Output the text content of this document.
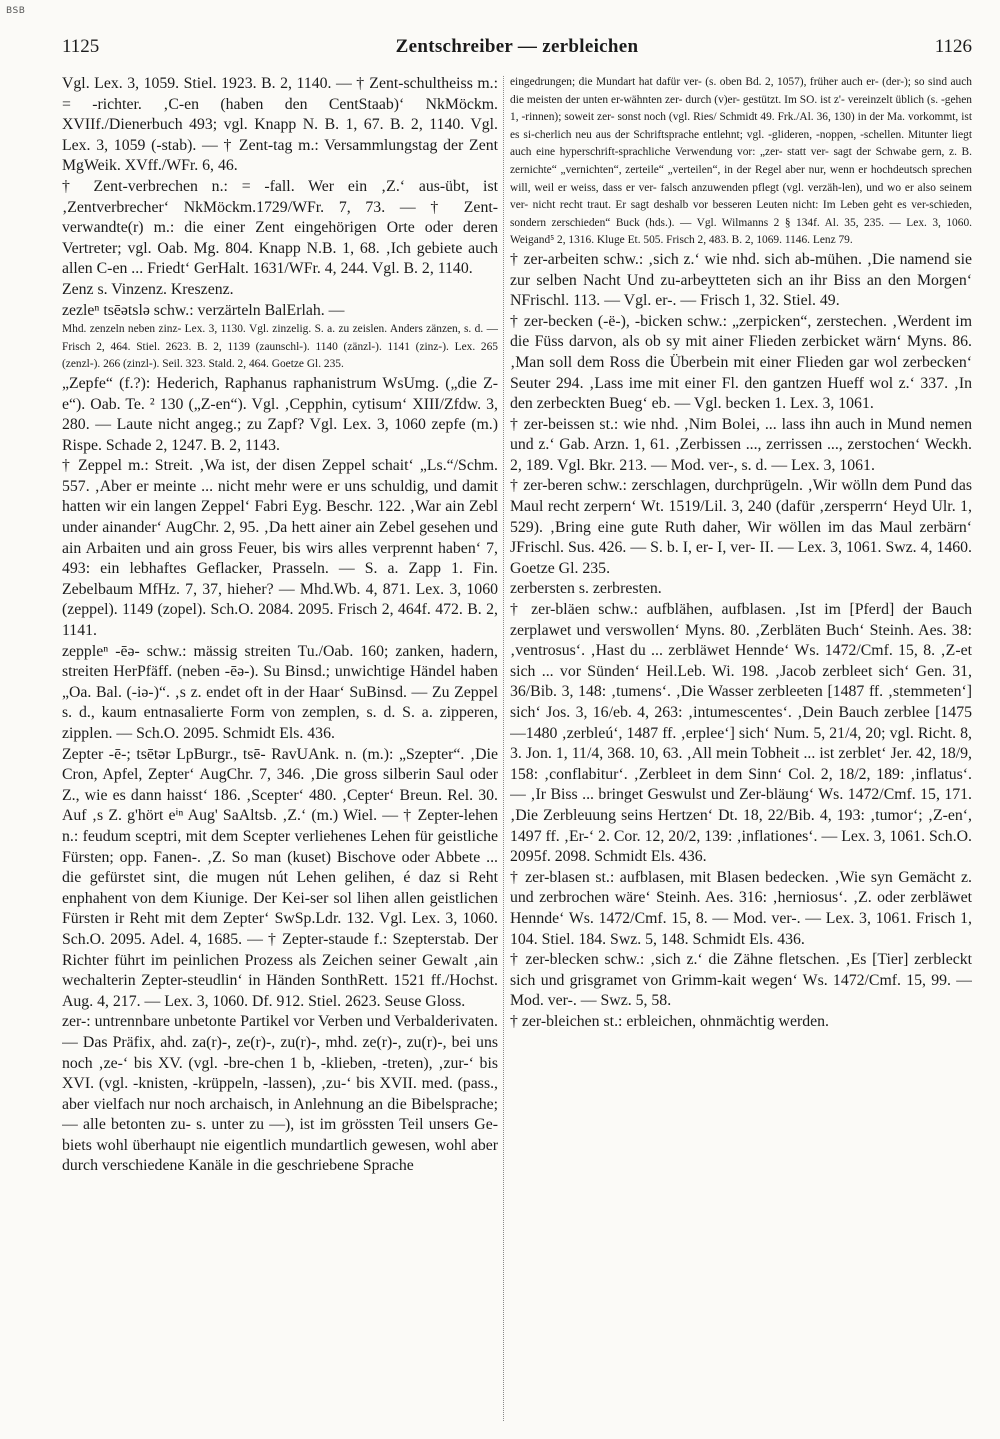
BSB
1125	Zentschreiber — zerbleichen	1126

Vgl. Lex. 3, 1059. Stiel. 1923. B. 2, 1140. — † Zent-schultheiss m.: = -richter. ‚C-en (haben den CentStaab)‘ NkMöckm. XVIIf./Dienerbuch 493; vgl. Knapp N. B. 1, 67. B. 2, 1140. Vgl. Lex. 3, 1059 (-stab). — † Zent-tag m.: Versammlungstag der Zent MgWeik. XVff./WFr. 6, 46.

† Zent-verbrechen n.: = -fall. Wer ein ‚Z.‘ aus-übt, ist ‚Zentverbrecher‘ NkMöckm.1729/WFr. 7, 73. — † Zent-verwandte(r) m.: die einer Zent eingehörigen Orte oder deren Vertreter; vgl. Oab. Mg. 804. Knapp N.B. 1, 68. ‚Ich gebiete auch allen C-en ... Friedt‘ GerHalt. 1631/WFr. 4, 244. Vgl. B. 2, 1140.

Zenz s. Vinzenz. Kreszenz.

zezleⁿ tsēətslə schw.: verzärteln BalErlah. —

Mhd. zenzeln neben zinz- Lex. 3, 1130. Vgl. zinzelig. S. a. zu zeislen. Anders zänzen, s. d. — Frisch 2, 464. Stiel. 2623. B. 2, 1139 (zaunschl-). 1140 (zänzl-). 1141 (zinz-). Lex. 265 (zenzl-). 266 (zinzl-). Seil. 323. Stald. 2, 464. Goetze Gl. 235.

„Zepfe“ (f.?): Hederich, Raphanus raphanistrum WsUmg. („die Z-e“). Oab. Te. ² 130 („Z-en“). Vgl. ‚Cepphin, cytisum‘ XIII/Zfdw. 3, 280. — Laute nicht angeg.; zu Zapf? Vgl. Lex. 3, 1060 zepfe (m.) Rispe. Schade 2, 1247. B. 2, 1143.

† Zeppel m.: Streit. ‚Wa ist, der disen Zeppel schait‘ „Ls.“/Schm. 557. ‚Aber er meinte ... nicht mehr were er uns schuldig, und damit hatten wir ein langen Zeppel‘ Fabri Eyg. Beschr. 122. ‚War ain Zebl under ainander‘ AugChr. 2, 95. ‚Da hett ainer ain Zebel gesehen und ain Arbaiten und ain gross Feuer, bis wirs alles verprennt haben‘ 7, 493: ein lebhaftes Geflacker, Prasseln. — S. a. Zapp 1. Fin. Zebelbaum MfHz. 7, 37, hieher? — Mhd.Wb. 4, 871. Lex. 3, 1060 (zeppel). 1149 (zopel). Sch.O. 2084. 2095. Frisch 2, 464f. 472. B. 2, 1141.

zeppleⁿ -ēə- schw.: mässig streiten Tu./Oab. 160; zanken, hadern, streiten HerPfäff. (neben -ēə-). Su Binsd.; unwichtige Händel haben „Oa. Bal. (-iə-)“. ‚s z. endet oft in der Haar‘ SuBinsd. — Zu Zeppel s. d., kaum entnasalierte Form von zemplen, s. d. S. a. zipperen, zipplen. — Sch.O. 2095. Schmidt Els. 436.

Zepter -ē-; tsētər LpBurgr., tsē- RavUAnk. n. (m.): „Szepter“. ‚Die Cron, Apfel, Zepter‘ AugChr. 7, 346. ‚Die gross silberin Saul oder Z., wie es dann haisst‘ 186. ‚Scepter‘ 480. ‚Cepter‘ Breun. Rel. 30. Auf ‚s Z. g'hört eⁱⁿ Aug' SaAltsb. ‚Z.‘ (m.) Wiel. — † Zepter-lehen n.: feudum sceptri, mit dem Scepter verliehenes Lehen für geistliche Fürsten; opp. Fanen-. ‚Z. So man (kuset) Bischove oder Abbete ... die gefürstet sint, die mugen nút Lehen gelihen, é daz si Reht enphahent von dem Kiunige. Der Kei-ser sol lihen allen geistlichen Fürsten ir Reht mit dem Zepter‘ SwSp.Ldr. 132. Vgl. Lex. 3, 1060. Sch.O. 2095. Adel. 4, 1685. — † Zepter-staude f.: Szepterstab. Der Richter führt im peinlichen Prozess als Zeichen seiner Gewalt ‚ain wechalterin Zepter-steudlin‘ in Händen SonthRett. 1521 ff./Hochst. Aug. 4, 217. — Lex. 3, 1060. Df. 912. Stiel. 2623. Seuse Gloss.

zer-: untrennbare unbetonte Partikel vor Verben und Verbalderivaten. — Das Präfix, ahd. za(r)-, ze(r)-, zu(r)-, mhd. ze(r)-, zu(r)-, bei uns noch ‚ze-‘ bis XV. (vgl. -bre-chen 1 b, -klieben, -treten), ‚zur-‘ bis XVI. (vgl. -knisten, -krüppeln, -lassen), ‚zu-‘ bis XVII. med. (pass., aber vielfach nur noch archaisch, in Anlehnung an die Bibelsprache; — alle betonten zu- s. unter zu —), ist im grössten Teil unsers Ge-biets wohl überhaupt nie eigentlich mundartlich gewesen, wohl aber durch verschiedene Kanäle in die geschriebene Sprache

eingedrungen; die Mundart hat dafür ver- (s. oben Bd. 2, 1057), früher auch er- (der-); so sind auch die meisten der unten er-wähnten zer- durch (v)er- gestützt. Im SO. ist z'- vereinzelt üblich (s. -gehen 1, -rinnen); soweit zer- sonst noch (vgl. Ries/ Schmidt 49. Frk./Al. 36, 130) in der Ma. vorkommt, ist es si-cherlich neu aus der Schriftsprache entlehnt; vgl. -glideren, -noppen, -schellen. Mitunter liegt auch eine hyperschrift-sprachliche Verwendung vor: „zer- statt ver- sagt der Schwabe gern, z. B. zernichte“ „vernichten“, zerteile“ „verteilen“, in der Regel aber nur, wenn er hochdeutsch sprechen will, weil er weiss, dass er ver- falsch anzuwenden pflegt (vgl. verzäh-len), und wo er also seinem ver- nicht recht traut. Er sagt deshalb vor besseren Leuten nicht: Im Leben geht es ver-schieden, sondern zerschieden“ Buck (hds.). — Vgl. Wilmanns 2 § 134f. Al. 35, 235. — Lex. 3, 1060. Weigand⁵ 2, 1316. Kluge Et. 505. Frisch 2, 483. B. 2, 1069. 1146. Lenz 79.

† zer-arbeiten schw.: ‚sich z.‘ wie nhd. sich ab-mühen. ‚Die namend sie zur selben Nacht Und zu-arbeytteten sich an ihr Biss an den Morgen‘ NFrischl. 113. — Vgl. er-. — Frisch 1, 32. Stiel. 49.

† zer-becken (-ë-), -bicken schw.: „zerpicken“, zerstechen. ‚Werdent im die Füss darvon, als ob sy mit ainer Flieden zerbicket wärn‘ Myns. 86. ‚Man soll dem Ross die Überbein mit einer Flieden gar wol zerbecken‘ Seuter 294. ‚Lass ime mit einer Fl. den gantzen Hueff wol z.‘ 337. ‚In den zerbeckten Bueg‘ eb. — Vgl. becken 1. Lex. 3, 1061.

† zer-beissen st.: wie nhd. ‚Nim Bolei, ... lass ihn auch in Mund nemen und z.‘ Gab. Arzn. 1, 61. ‚Zerbissen ..., zerrissen ..., zerstochen‘ Weckh. 2, 189. Vgl. Bkr. 213. — Mod. ver-, s. d. — Lex. 3, 1061.

† zer-beren schw.: zerschlagen, durchprügeln. ‚Wir wölln dem Pund das Maul recht zerpern‘ Wt. 1519/Lil. 3, 240 (dafür ‚zersperrn‘ Heyd Ulr. 1, 529). ‚Bring eine gute Ruth daher, Wir wöllen im das Maul zerbärn‘ JFrischl. Sus. 426. — S. b. I, er- I, ver- II. — Lex. 3, 1061. Swz. 4, 1460. Goetze Gl. 235.

zerbersten s. zerbresten.

† zer-bläen schw.: aufblähen, aufblasen. ‚Ist im [Pferd] der Bauch zerplawet und verswollen‘ Myns. 80. ‚Zerbläten Buch‘ Steinh. Aes. 38: ‚ventrosus‘. ‚Hast du ... zerbläwet Hennde‘ Ws. 1472/Cmf. 15, 8. ‚Z-et sich ... vor Sünden‘ Heil.Leb. Wi. 198. ‚Jacob zerbleet sich‘ Gen. 31, 36/Bib. 3, 148: ‚tumens‘. ‚Die Wasser zerbleeten [1487 ff. ‚stemmeten‘] sich‘ Jos. 3, 16/eb. 4, 263: ‚intumescentes‘. ‚Dein Bauch zerblee [1475—1480 ‚zerbleú‘, 1487 ff. ‚erplee‘] sich‘ Num. 5, 21/4, 20; vgl. Richt. 8, 3. Jon. 1, 11/4, 368. 10, 63. ‚All mein Tobheit ... ist zerblet‘ Jer. 42, 18/9, 158: ‚conflabitur‘. ‚Zerbleet in dem Sinn‘ Col. 2, 18/2, 189: ‚inflatus‘. — ‚Ir Biss ... bringet Geswulst und Zer-bläung‘ Ws. 1472/Cmf. 15, 171. ‚Die Zerbleuung seins Hertzen‘ Dt. 18, 22/Bib. 4, 193: ‚tumor‘; ‚Z-en‘, 1497 ff. ‚Er-‘ 2. Cor. 12, 20/2, 139: ‚inflationes‘. — Lex. 3, 1061. Sch.O. 2095f. 2098. Schmidt Els. 436.

† zer-blasen st.: aufblasen, mit Blasen bedecken. ‚Wie syn Gemächt z. und zerbrochen wäre‘ Steinh. Aes. 316: ‚herniosus‘. ‚Z. oder zerbläwet Hennde‘ Ws. 1472/Cmf. 15, 8. — Mod. ver-. — Lex. 3, 1061. Frisch 1, 104. Stiel. 184. Swz. 5, 148. Schmidt Els. 436.

† zer-blecken schw.: ‚sich z.‘ die Zähne fletschen. ‚Es [Tier] zerbleckt sich und grisgramet von Grimm-kait wegen‘ Ws. 1472/Cmf. 15, 99. — Mod. ver-. — Swz. 5, 58.

† zer-bleichen st.: erbleichen, ohnmächtig werden.
